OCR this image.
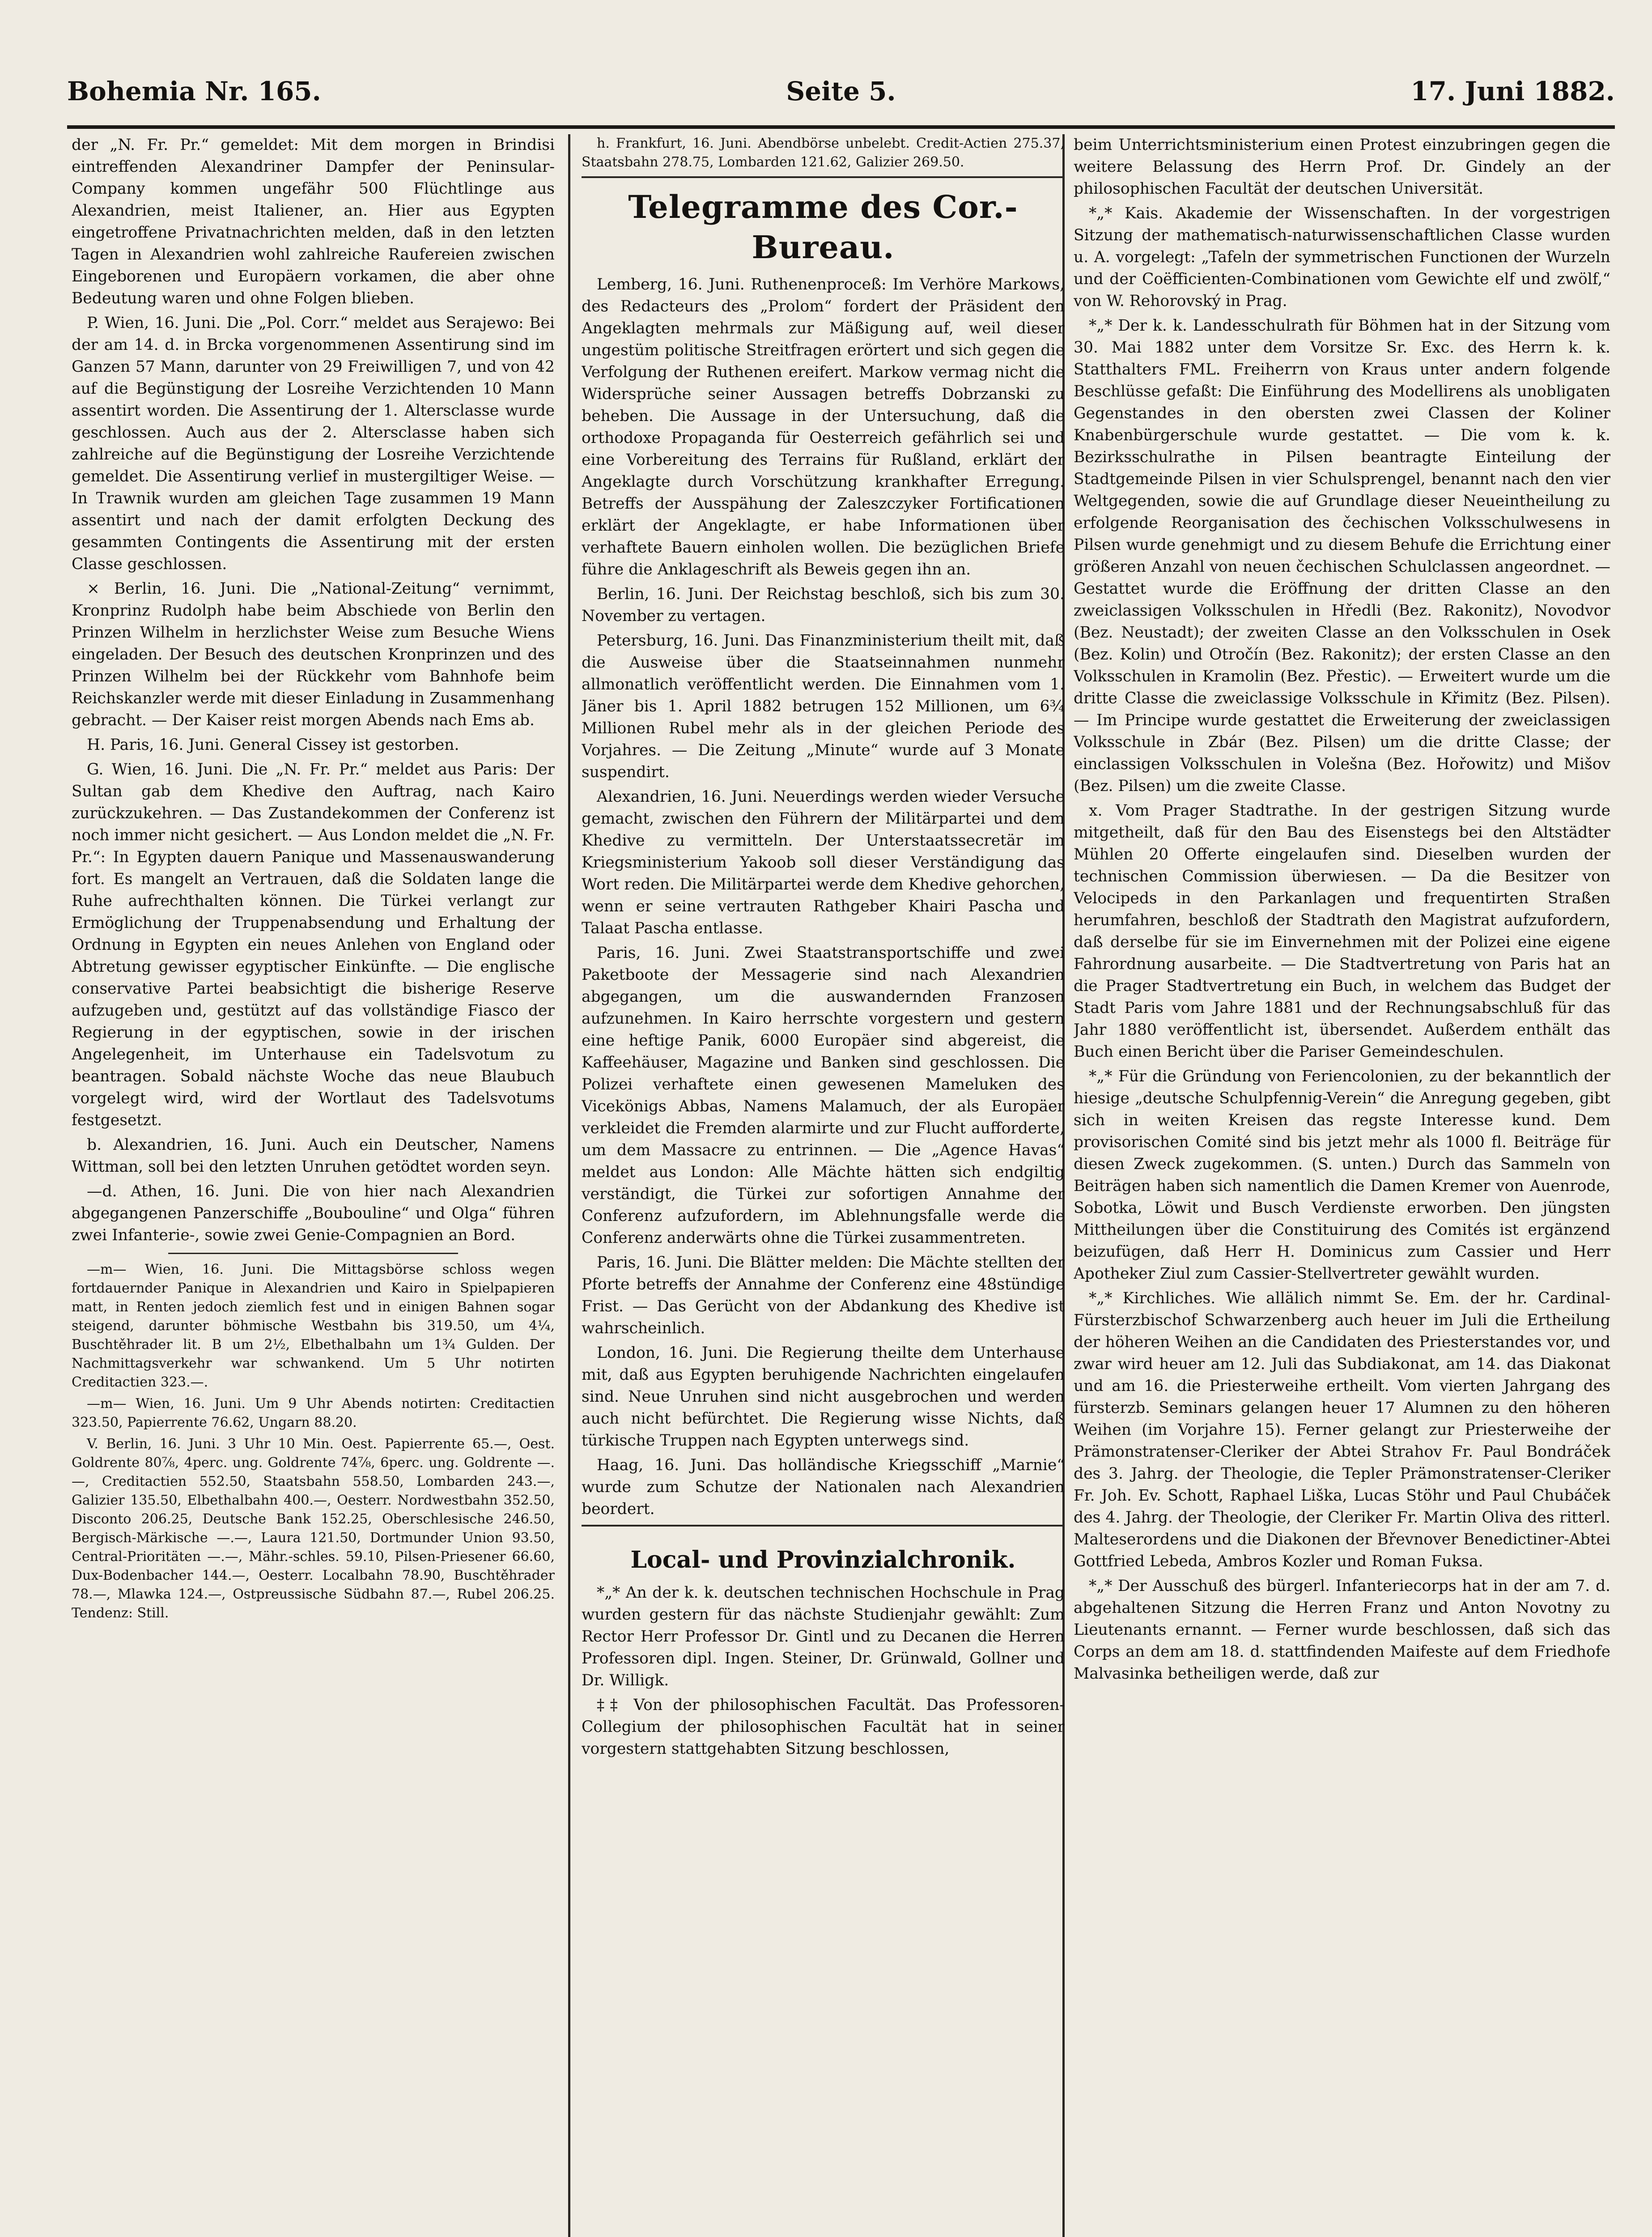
Bohemia Nr. 165.	Seite 5.	17. Juni 1882.

der „N. Fr. Pr.“ gemeldet: Mit dem morgen in Brindisi eintreffenden Alexandriner Dampfer der Peninsular-Company kommen ungefähr 500 Flüchtlinge aus Alexandrien, meist Italiener, an. Hier aus Egypten eingetroffene Privatnachrichten melden, daß in den letzten Tagen in Alexandrien wohl zahlreiche Raufereien zwischen Eingeborenen und Europäern vorkamen, die aber ohne Bedeutung waren und ohne Folgen blieben.

P. Wien, 16. Juni. Die „Pol. Corr.“ meldet aus Serajewo: Bei der am 14. d. in Brcka vorgenommenen Assentirung sind im Ganzen 57 Mann, darunter von 29 Freiwilligen 7, und von 42 auf die Begünstigung der Losreihe Verzichtenden 10 Mann assentirt worden. Die Assentirung der 1. Altersclasse wurde geschlossen. Auch aus der 2. Altersclasse haben sich zahlreiche auf die Begünstigung der Losreihe Verzichtende gemeldet. Die Assentirung verlief in mustergiltiger Weise. — In Trawnik wurden am gleichen Tage zusammen 19 Mann assentirt und nach der damit erfolgten Deckung des gesammten Contingents die Assentirung mit der ersten Classe geschlossen.

× Berlin, 16. Juni. Die „National-Zeitung“ vernimmt, Kronprinz Rudolph habe beim Abschiede von Berlin den Prinzen Wilhelm in herzlichster Weise zum Besuche Wiens eingeladen. Der Besuch des deutschen Kronprinzen und des Prinzen Wilhelm bei der Rückkehr vom Bahnhofe beim Reichskanzler werde mit dieser Einladung in Zusammenhang gebracht. — Der Kaiser reist morgen Abends nach Ems ab.

H. Paris, 16. Juni. General Cissey ist gestorben.

G. Wien, 16. Juni. Die „N. Fr. Pr.“ meldet aus Paris: Der Sultan gab dem Khedive den Auftrag, nach Kairo zurückzukehren. — Das Zustandekommen der Conferenz ist noch immer nicht gesichert. — Aus London meldet die „N. Fr. Pr.“: In Egypten dauern Panique und Massenauswanderung fort. Es mangelt an Vertrauen, daß die Soldaten lange die Ruhe aufrechthalten können. Die Türkei verlangt zur Ermöglichung der Truppenabsendung und Erhaltung der Ordnung in Egypten ein neues Anlehen von England oder Abtretung gewisser egyptischer Einkünfte. — Die englische conservative Partei beabsichtigt die bisherige Reserve aufzugeben und, gestützt auf das vollständige Fiasco der Regierung in der egyptischen, sowie in der irischen Angelegenheit, im Unterhause ein Tadelsvotum zu beantragen. Sobald nächste Woche das neue Blaubuch vorgelegt wird, wird der Wortlaut des Tadelsvotums festgesetzt.

b. Alexandrien, 16. Juni. Auch ein Deutscher, Namens Wittman, soll bei den letzten Unruhen getödtet worden seyn.

—d. Athen, 16. Juni. Die von hier nach Alexandrien abgegangenen Panzerschiffe „Boubouline“ und Olga“ führen zwei Infanterie-, sowie zwei Genie-Compagnien an Bord.

—m— Wien, 16. Juni. Die Mittagsbörse schloss wegen fortdauernder Panique in Alexandrien und Kairo in Spielpapieren matt, in Renten jedoch ziemlich fest und in einigen Bahnen sogar steigend, darunter böhmische Westbahn bis 319.50, um 4¼, Buschtěhrader lit. B um 2½, Elbethalbahn um 1¾ Gulden. Der Nachmittagsverkehr war schwankend. Um 5 Uhr notirten Creditactien 323.—.

—m— Wien, 16. Juni. Um 9 Uhr Abends notirten: Creditactien 323.50, Papierrente 76.62, Ungarn 88.20.

V. Berlin, 16. Juni. 3 Uhr 10 Min. Oest. Papierrente 65.—, Oest. Goldrente 80⅞, 4perc. ung. Goldrente 74⅞, 6perc. ung. Goldrente —.—, Creditactien 552.50, Staatsbahn 558.50, Lombarden 243.—, Galizier 135.50, Elbethalbahn 400.—, Oesterr. Nordwestbahn 352.50, Disconto 206.25, Deutsche Bank 152.25, Oberschlesische 246.50, Bergisch-Märkische —.—, Laura 121.50, Dortmunder Union 93.50, Central-Prioritäten —.—, Mähr.-schles. 59.10, Pilsen-Priesener 66.60, Dux-Bodenbacher 144.—, Oesterr. Localbahn 78.90, Buschtěhrader 78.—, Mlawka 124.—, Ostpreussische Südbahn 87.—, Rubel 206.25. Tendenz: Still.

h. Frankfurt, 16. Juni. Abendbörse unbelebt. Credit-Actien 275.37, Staatsbahn 278.75, Lombarden 121.62, Galizier 269.50.

Telegramme des Cor.-Bureau.

Lemberg, 16. Juni. Ruthenenproceß: Im Verhöre Markows, des Redacteurs des „Prolom“ fordert der Präsident den Angeklagten mehrmals zur Mäßigung auf, weil dieser ungestüm politische Streitfragen erörtert und sich gegen die Verfolgung der Ruthenen ereifert. Markow vermag nicht die Widersprüche seiner Aussagen betreffs Dobrzanski zu beheben. Die Aussage in der Untersuchung, daß die orthodoxe Propaganda für Oesterreich gefährlich sei und eine Vorbereitung des Terrains für Rußland, erklärt der Angeklagte durch Vorschützung krankhafter Erregung. Betreffs der Ausspähung der Zaleszczyker Fortificationen erklärt der Angeklagte, er habe Informationen über verhaftete Bauern einholen wollen. Die bezüglichen Briefe führe die Anklageschrift als Beweis gegen ihn an.

Berlin, 16. Juni. Der Reichstag beschloß, sich bis zum 30. November zu vertagen.

Petersburg, 16. Juni. Das Finanzministerium theilt mit, daß die Ausweise über die Staatseinnahmen nunmehr allmonatlich veröffentlicht werden. Die Einnahmen vom 1. Jäner bis 1. April 1882 betrugen 152 Millionen, um 6¾ Millionen Rubel mehr als in der gleichen Periode des Vorjahres. — Die Zeitung „Minute“ wurde auf 3 Monate suspendirt.

Alexandrien, 16. Juni. Neuerdings werden wieder Versuche gemacht, zwischen den Führern der Militärpartei und dem Khedive zu vermitteln. Der Unterstaatssecretär im Kriegsministerium Yakoob soll dieser Verständigung das Wort reden. Die Militärpartei werde dem Khedive gehorchen, wenn er seine vertrauten Rathgeber Khairi Pascha und Talaat Pascha entlasse.

Paris, 16. Juni. Zwei Staatstransportschiffe und zwei Paketboote der Messagerie sind nach Alexandrien abgegangen, um die auswandernden Franzosen aufzunehmen. In Kairo herrschte vorgestern und gestern eine heftige Panik, 6000 Europäer sind abgereist, die Kaffeehäuser, Magazine und Banken sind geschlossen. Die Polizei verhaftete einen gewesenen Mameluken des Vicekönigs Abbas, Namens Malamuch, der als Europäer verkleidet die Fremden alarmirte und zur Flucht aufforderte, um dem Massacre zu entrinnen. — Die „Agence Havas“ meldet aus London: Alle Mächte hätten sich endgiltig verständigt, die Türkei zur sofortigen Annahme der Conferenz aufzufordern, im Ablehnungsfalle werde die Conferenz anderwärts ohne die Türkei zusammentreten.

Paris, 16. Juni. Die Blätter melden: Die Mächte stellten der Pforte betreffs der Annahme der Conferenz eine 48stündige Frist. — Das Gerücht von der Abdankung des Khedive ist wahrscheinlich.

London, 16. Juni. Die Regierung theilte dem Unterhause mit, daß aus Egypten beruhigende Nachrichten eingelaufen sind. Neue Unruhen sind nicht ausgebrochen und werden auch nicht befürchtet. Die Regierung wisse Nichts, daß türkische Truppen nach Egypten unterwegs sind.

Haag, 16. Juni. Das holländische Kriegsschiff „Marnie“ wurde zum Schutze der Nationalen nach Alexandrien beordert.

Local- und Provinzialchronik.

*„* An der k. k. deutschen technischen Hochschule in Prag wurden gestern für das nächste Studienjahr gewählt: Zum Rector Herr Professor Dr. Gintl und zu Decanen die Herren Professoren dipl. Ingen. Steiner, Dr. Grünwald, Gollner und Dr. Willigk.

‡‡ Von der philosophischen Facultät. Das Professoren-Collegium der philosophischen Facultät hat in seiner vorgestern stattgehabten Sitzung beschlossen,

beim Unterrichtsministerium einen Protest einzubringen gegen die weitere Belassung des Herrn Prof. Dr. Gindely an der philosophischen Facultät der deutschen Universität.

*„* Kais. Akademie der Wissenschaften. In der vorgestrigen Sitzung der mathematisch-naturwissenschaftlichen Classe wurden u. A. vorgelegt: „Tafeln der symmetrischen Functionen der Wurzeln und der Coëfficienten-Combinationen vom Gewichte elf und zwölf,“ von W. Rehorovský in Prag.

*„* Der k. k. Landesschulrath für Böhmen hat in der Sitzung vom 30. Mai 1882 unter dem Vorsitze Sr. Exc. des Herrn k. k. Statthalters FML. Freiherrn von Kraus unter andern folgende Beschlüsse gefaßt: Die Einführung des Modellirens als unobligaten Gegenstandes in den obersten zwei Classen der Koliner Knabenbürgerschule wurde gestattet. — Die vom k. k. Bezirksschulrathe in Pilsen beantragte Einteilung der Stadtgemeinde Pilsen in vier Schulsprengel, benannt nach den vier Weltgegenden, sowie die auf Grundlage dieser Neueintheilung zu erfolgende Reorganisation des čechischen Volksschulwesens in Pilsen wurde genehmigt und zu diesem Behufe die Errichtung einer größeren Anzahl von neuen čechischen Schulclassen angeordnet. — Gestattet wurde die Eröffnung der dritten Classe an den zweiclassigen Volksschulen in Hředli (Bez. Rakonitz), Novodvor (Bez. Neustadt); der zweiten Classe an den Volksschulen in Osek (Bez. Kolin) und Otročín (Bez. Rakonitz); der ersten Classe an den Volksschulen in Kramolin (Bez. Přestic). — Erweitert wurde um die dritte Classe die zweiclassige Volksschule in Křimitz (Bez. Pilsen). — Im Principe wurde gestattet die Erweiterung der zweiclassigen Volksschule in Zbár (Bez. Pilsen) um die dritte Classe; der einclassigen Volksschulen in Volešna (Bez. Hořowitz) und Mišov (Bez. Pilsen) um die zweite Classe.

x. Vom Prager Stadtrathe. In der gestrigen Sitzung wurde mitgetheilt, daß für den Bau des Eisenstegs bei den Altstädter Mühlen 20 Offerte eingelaufen sind. Dieselben wurden der technischen Commission überwiesen. — Da die Besitzer von Velocipeds in den Parkanlagen und frequentirten Straßen herumfahren, beschloß der Stadtrath den Magistrat aufzufordern, daß derselbe für sie im Einvernehmen mit der Polizei eine eigene Fahrordnung ausarbeite. — Die Stadtvertretung von Paris hat an die Prager Stadtvertretung ein Buch, in welchem das Budget der Stadt Paris vom Jahre 1881 und der Rechnungsabschluß für das Jahr 1880 veröffentlicht ist, übersendet. Außerdem enthält das Buch einen Bericht über die Pariser Gemeindeschulen.

*„* Für die Gründung von Feriencolonien, zu der bekanntlich der hiesige „deutsche Schulpfennig-Verein“ die Anregung gegeben, gibt sich in weiten Kreisen das regste Interesse kund. Dem provisorischen Comité sind bis jetzt mehr als 1000 fl. Beiträge für diesen Zweck zugekommen. (S. unten.) Durch das Sammeln von Beiträgen haben sich namentlich die Damen Kremer von Auenrode, Sobotka, Löwit und Busch Verdienste erworben. Den jüngsten Mittheilungen über die Constituirung des Comités ist ergänzend beizufügen, daß Herr H. Dominicus zum Cassier und Herr Apotheker Ziul zum Cassier-Stellvertreter gewählt wurden.

*„* Kirchliches. Wie allälich nimmt Se. Em. der hr. Cardinal-Fürsterzbischof Schwarzenberg auch heuer im Juli die Ertheilung der höheren Weihen an die Candidaten des Priesterstandes vor, und zwar wird heuer am 12. Juli das Subdiakonat, am 14. das Diakonat und am 16. die Priesterweihe ertheilt. Vom vierten Jahrgang des fürsterzb. Seminars gelangen heuer 17 Alumnen zu den höheren Weihen (im Vorjahre 15). Ferner gelangt zur Priesterweihe der Prämonstratenser-Cleriker der Abtei Strahov Fr. Paul Bondráček des 3. Jahrg. der Theologie, die Tepler Prämonstratenser-Cleriker Fr. Joh. Ev. Schott, Raphael Liška, Lucas Stöhr und Paul Chubáček des 4. Jahrg. der Theologie, der Cleriker Fr. Martin Oliva des ritterl. Malteserordens und die Diakonen der Břevnover Benedictiner-Abtei Gottfried Lebeda, Ambros Kozler und Roman Fuksa.

*„* Der Ausschuß des bürgerl. Infanteriecorps hat in der am 7. d. abgehaltenen Sitzung die Herren Franz und Anton Novotny zu Lieutenants ernannt. — Ferner wurde beschlossen, daß sich das Corps an dem am 18. d. stattfindenden Maifeste auf dem Friedhofe Malvasinka betheiligen werde, daß zur
